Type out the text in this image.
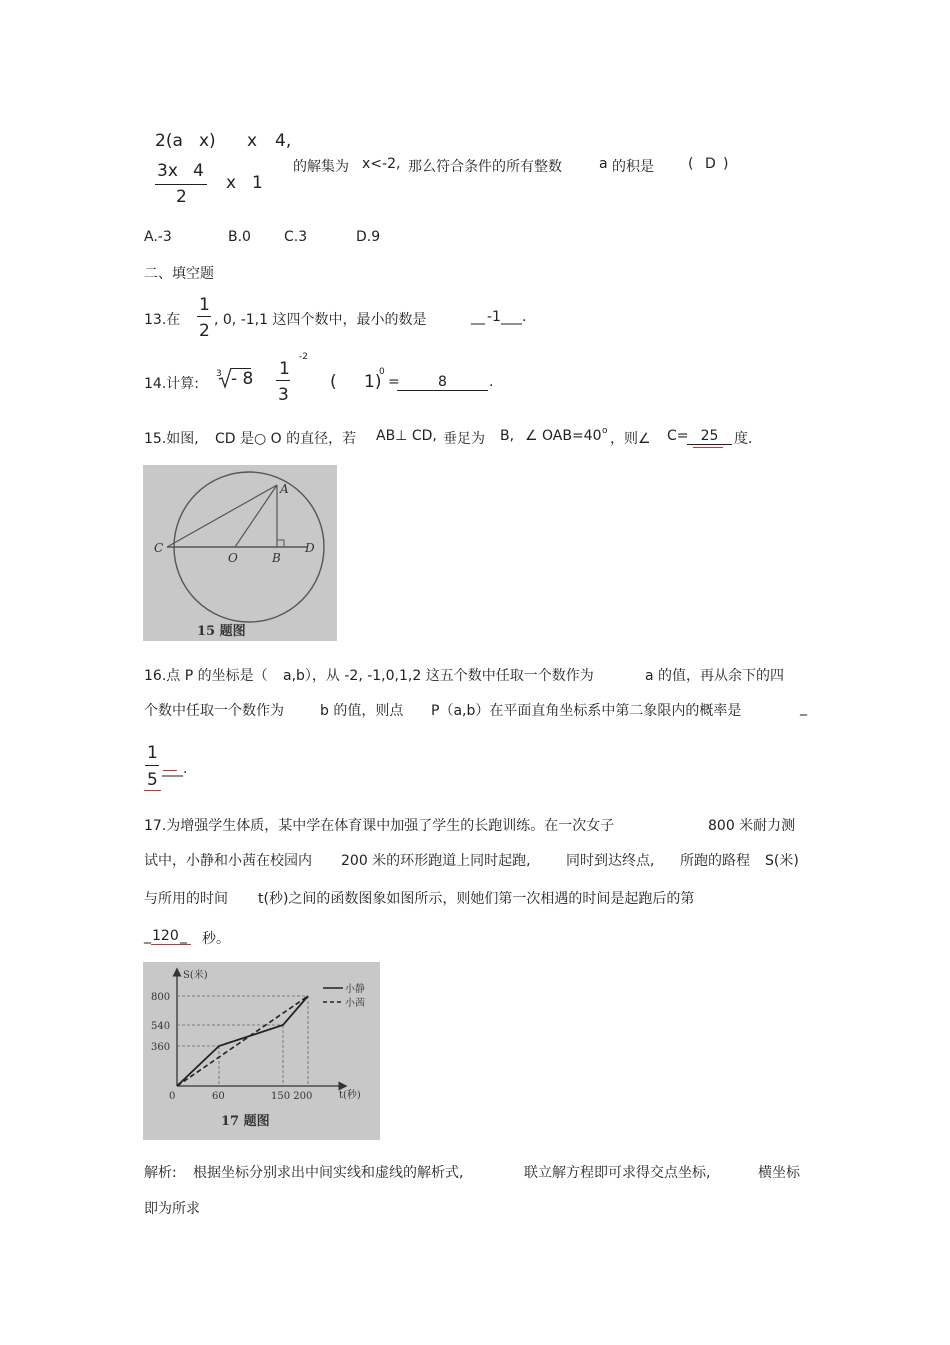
2(a x) x 4,
3x 4
2
x 1
的解集为 x<-2, 那么符合条件的所有整数	a 的积是 ( D )
A.-3	B.0 C.3	D.9
二、填空题
13.在
1
2
, 0, -1,1 这四个数中，最小的数是	__ -1 ___.
14.计算:
3 - 8 1
3
-2
( 1)
0
=	8	.
15.如图, CD 是○ O 的直径，若 AB⊥ CD, 垂足为 B, ∠ OAB=40 o ，则∠ C= 25	度.
A
C
O	B
D
15 题图
16.点 P 的坐标是（ a,b），从 -2, -1,0,1,2 这五个数中任取一个数作为	a 的值，再从余下的四
个数中任取一个数作为	b 的值，则点 P（a,b）在平面直角坐标系中第二象限内的概率是	_
1
5
___.
17.为增强学生体质，某中学在体育课中加强了学生的长跑训练。在一次女子	800 米耐力测
试中，小静和小茜在校园内 200 米的环形跑道上同时起跑,	同时到达终点, 所跑的路程 S(米)
与所用的时间 t(秒)之间的函数图象如图所示，则她们第一次相遇的时间是起跑后的第
_ 120 _ 秒。
S(米)
t(秒)
800
540
360
0	60	150 200
小静
小茜
17 题图
解析: 根据坐标分别求出中间实线和虚线的解析式,	联立解方程即可求得交点坐标,	横坐标
即为所求
